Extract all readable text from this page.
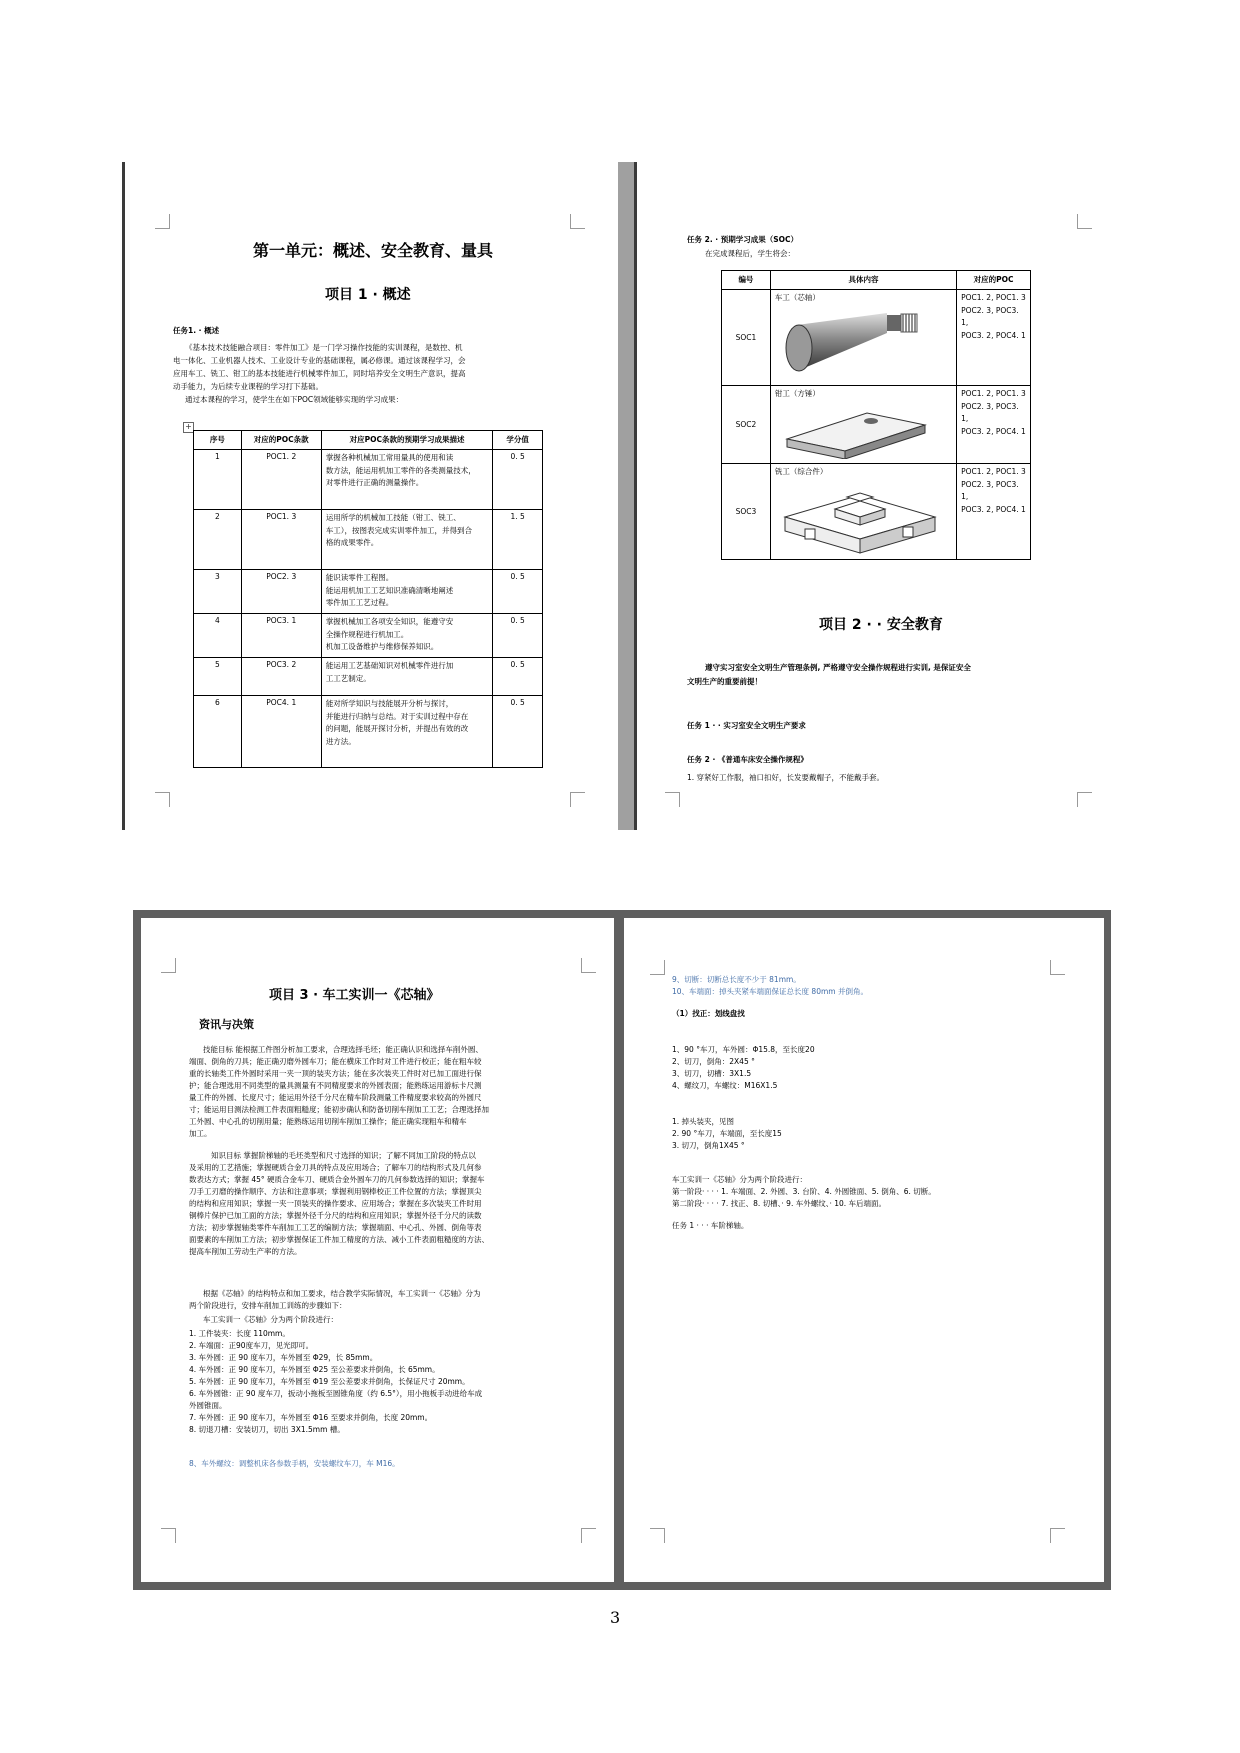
第一单元：概述、安全教育、量具
项目 1 · 概述
任务1. · 概述
《基本技术技能融合项目：零件加工》是一门学习操作技能的实训课程，是数控、机
电一体化、工业机器人技术、工业设计专业的基础课程，属必修课。通过该课程学习，会
应用车工、铣工、钳工的基本技能进行机械零件加工，同时培养安全文明生产意识，提高
动手能力，为后续专业课程的学习打下基础。
通过本课程的学习，使学生在如下POC领域能够实现的学习成果：
+
序号	对应的POC条款	对应POC条款的预期学习成果描述	学分值
1	POC1. 2	掌握各种机械加工常用量具的使用和读
数方法，能运用机加工零件的各类测量技术，
对零件进行正确的测量操作。	0. 5
2	POC1. 3	运用所学的机械加工技能（钳工、铣工、
车工），按图表完成实训零件加工，并得到合
格的成果零件。	1. 5
3	POC2. 3	能识读零件工程图。
能运用机加工工艺知识准确清晰地阐述
零件加工工艺过程。	0. 5
4	POC3. 1	掌握机械加工各项安全知识，能遵守安
全操作规程进行机加工。
机加工设备维护与维修保养知识。	0. 5
5	POC3. 2	能运用工艺基础知识对机械零件进行加
工工艺制定。	0. 5
6	POC4. 1	能对所学知识与技能展开分析与探讨，
并能进行归纳与总结。对于实训过程中存在
的问题，能展开探讨分析，并提出有效的改
进方法。	0. 5
任务 2. · 预期学习成果（SOC）
在完成课程后，学生将会：
编号	具体内容	对应的POC
SOC1	车工（芯轴）	POC1. 2, POC1. 3
POC2. 3, POC3. 1,
POC3. 2, POC4. 1

SOC2	钳工（方锤）	POC1. 2, POC1. 3
POC2. 3, POC3. 1,
POC3. 2, POC4. 1

SOC3	铣工（综合件）	POC1. 2, POC1. 3
POC2. 3, POC3. 1,
POC3. 2, POC4. 1
项目 2 · · 安全教育
遵守实习室安全文明生产管理条例, 严格遵守安全操作规程进行实训, 是保证安全
文明生产的重要前提！
任务 1 · · 实习室安全文明生产要求
任务 2 · 《普通车床安全操作规程》
1. 穿紧好工作服，袖口扣好，长发要戴帽子，不能戴手套。
项目 3 · 车工实训一《芯轴》
资讯与决策
技能目标 能根据工件图分析加工要求，合理选择毛坯；能正确认识和选择车削外圆、
端面、倒角的刀具；能正确刃磨外圆车刀；能在横床工作时对工件进行校正；能在粗车较
重的长轴类工件外圆时采用一夹一顶的装夹方法；能在多次装夹工件时对已加工面进行保
护；能合理选用不同类型的量具测量有不同精度要求的外圆表面；能熟练运用游标卡尺测
量工件的外圆、长度尺寸；能运用外径千分尺在精车阶段测量工件精度要求较高的外圆尺
寸；能运用目测法检测工件表面粗糙度；能初步确认和防备切削车削加工工艺；合理选择加
工外圆、中心孔的切削用量；能熟练运用切削车削加工操作；能正确实现粗车和精车
加工。
知识目标 掌握阶梯轴的毛坯类型和尺寸选择的知识；了解不同加工阶段的特点以
及采用的工艺措施；掌握硬质合金刀具的特点及应用场合；了解车刀的结构形式及几何参
数表达方式；掌握 45° 硬质合金车刀、硬质合金外圆车刀的几何参数选择的知识；掌握车
刀手工刃磨的操作顺序、方法和注意事项；掌握利用钢棒校正工件位置的方法；掌握顶尖
的结构和应用知识；掌握一夹一顶装夹的操作要求、应用场合；掌握在多次装夹工件时用
铜棒片保护已加工面的方法；掌握外径千分尺的结构和应用知识；掌握外径千分尺的读数
方法；初步掌握轴类零件车削加工工艺的编制方法；掌握端面、中心孔、外圆、倒角等表
面要素的车削加工方法；初步掌握保证工件加工精度的方法、减小工件表面粗糙度的方法、
提高车削加工劳动生产率的方法。
根据《芯轴》的结构特点和加工要求，结合教学实际情况，车工实训一《芯轴》分为
两个阶段进行，安排车削加工训练的步骤如下：
车工实训一《芯轴》分为两个阶段进行：
1. 工件装夹：长度 110mm。
2. 车端面：正90度车刀，见光即可。
3. 车外圆：正 90 度车刀，车外圆至 Φ29，长 85mm。
4. 车外圆：正 90 度车刀，车外圆至 Φ25 至公差要求并倒角，长 65mm。
5. 车外圆：正 90 度车刀，车外圆至 Φ19 至公差要求并倒角，长保证尺寸 20mm。
6. 车外圆锥：正 90 度车刀，扳动小拖板至圆锥角度（约 6.5°），用小拖板手动进给车成
外圆锥面。
7. 车外圆：正 90 度车刀，车外圆至 Φ16 至要求并倒角，长度 20mm。
8. 切退刀槽：安装切刀，切出 3X1.5mm 槽。
8、车外螺纹：调整机床各参数手柄，安装螺纹车刀，车 M16。
9、切断：切断总长度不少于 81mm。
10、车端面：掉头夹紧车端面保证总长度 80mm 并倒角。
（1）找正：划线盘找
1、90 °车刀，车外圆：Φ15.8，至长度20
2、切刀，倒角：2X45 °
3、切刀，切槽：3X1.5
4、螺纹刀，车螺纹：M16X1.5
1. 掉头装夹，见图
2. 90 °车刀，车端面，至长度15
3. 切刀，倒角1X45 °
车工实训一《芯轴》分为两个阶段进行：
第一阶段· · · · 1. 车端面、2. 外圆、3. 台阶、4. 外圆锥面、5. 倒角、6. 切断。
第二阶段· · · · 7. 找正、8. 切槽、· 9. 车外螺纹、· 10. 车后端面。
任务 1 · · · 车阶梯轴。
3
